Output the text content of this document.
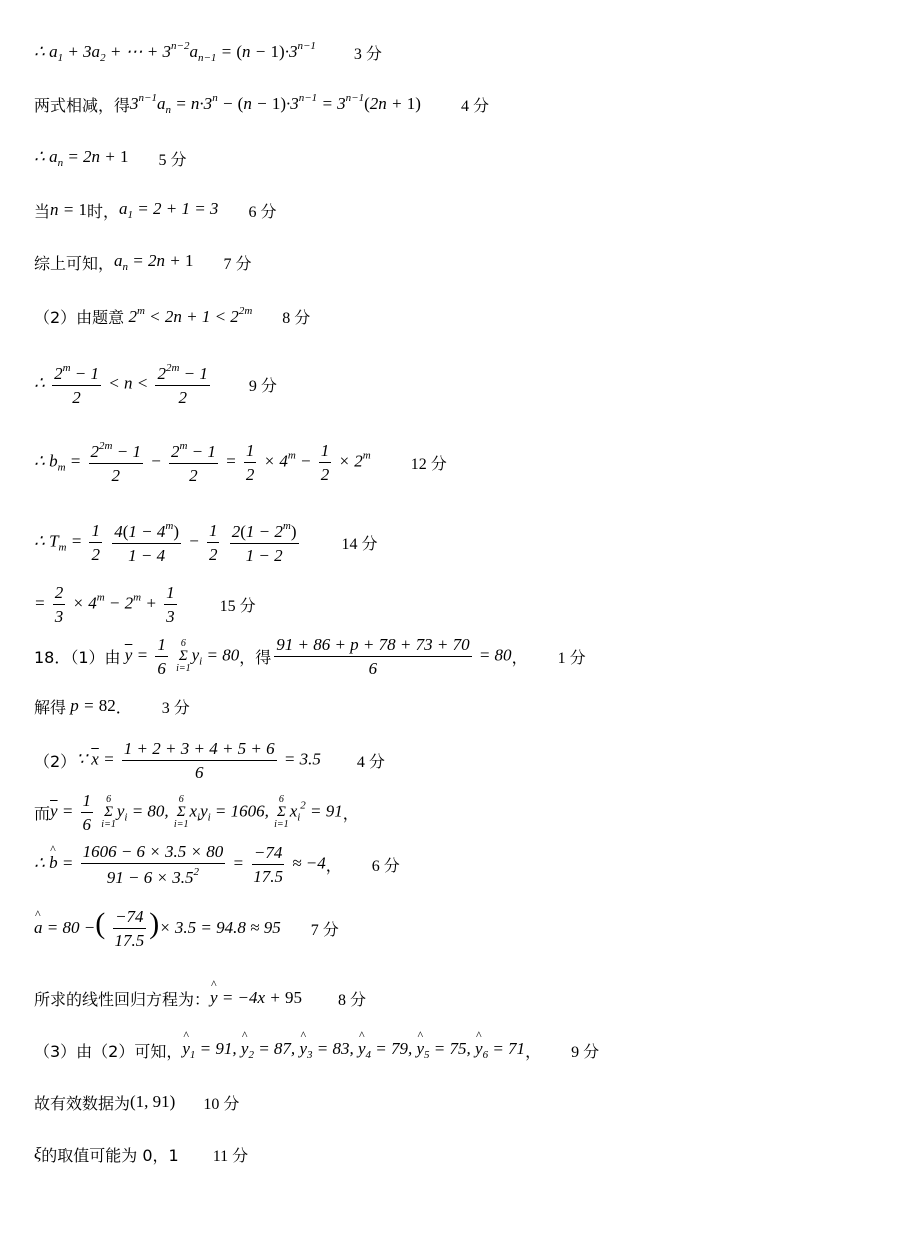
∴ $a_1 + 3a_2$ + ⋯ + $3^{n-2}a_{n-1} = (n - 1)\cdot 3^{n-1}$ 3 分
两式相减，得 $3^{n-1}a_n = n\cdot 3^n - (n - 1)\cdot 3^{n-1} = 3^{n-1}(2n + 1)$	4 分
∴ $a_n = 2n + 1$ 5 分
当 n = 1 时， $a_1 = 2 + 1 = 3$ 6 分
综上可知， $a_n = 2n + 1$ 7 分
（2）由题意 $2^m < 2n + 1 < 2^{2m}$ 8 分
∴ $\frac{2^m - 1}{2} < n < \frac{2^{2m} - 1}{2} 9$ 分
∴ $b_m = \frac{2^{2m} - 1}{2} - \frac{2^m - 1}{2} = \frac{1}{2} \times 4^m - \frac{1}{2} \times 2^m$
12 分
∴ $T_m = \frac{1}{2}$
$\frac{4(1 - 4^m)}{1 - 4} - \frac{1}{2}$
$\frac{2(1 - 2^m)}{1 - 2}$	14 分
= $\frac{2}{3} \times 4^m - 2^m + \frac{1}{3}$	15 分
18．（1）由 $\overline{y} = \frac{1}{6}$
6
Σ
i=1
$y_i = 80$ ，得 $\frac{91 + 86 + p + 78 + 73 + 70}{6} = 80$ ， 1 分
解得 p = 82 ． 3 分
（2） ∵ $\overline{x} = \frac{1 + 2 + 3 + 4 + 5 + 6}{6} = 3.5$ 4 分
而 $\overline{y} = \frac{1}{6}$
6
Σ
i=1
$y_i = 80$,
6
Σ
i=1
$x_iy_i = 1606$,
6
Σ
i=1
$x_i^2 = 91$ ，
∴ ^ $b = \frac{1606 - 6 \times 3.5 \times 80}{91 - 6 \times 3.5^2} = \frac{-74}{17.5} \approx -4$ ， 6 分
^ a = 80 −( $\frac{-74}{17.5}$ )× 3.5 = 94.8 ≈ 95 7 分
所求的线性回归方程为： ^ y = −4x + 95 8 分
（3）由（2）可知， ^ $y_1 = 91$, ^ $y_2 = 87$, ^ $y_3 = 83$, ^ $y_4 = 79$, ^ $y_5 = 75$, ^ $y_6 = 71$ ， 9 分
故有效数据为 (1, 91) 10 分
ξ 的取值可能为 0，1 11 分
